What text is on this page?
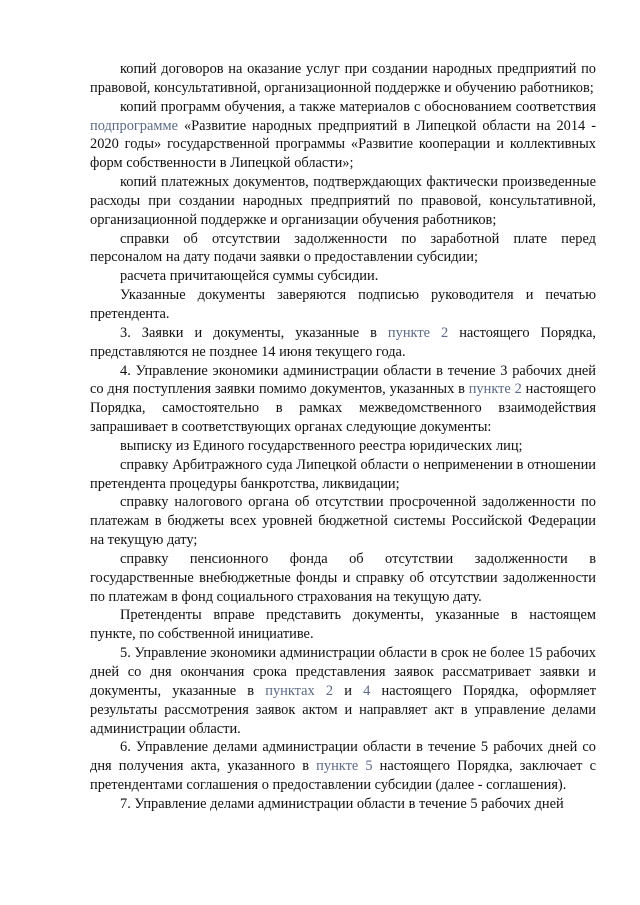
копий договоров на оказание услуг при создании народных предприятий по правовой, консультативной, организационной поддержке и обучению работников;

копий программ обучения, а также материалов с обоснованием соответствия подпрограмме «Развитие народных предприятий в Липецкой области на 2014 - 2020 годы» государственной программы «Развитие кооперации и коллективных форм собственности в Липецкой области»;

копий платежных документов, подтверждающих фактически произведенные расходы при создании народных предприятий по правовой, консультативной, организационной поддержке и организации обучения работников;

справки об отсутствии задолженности по заработной плате перед персоналом на дату подачи заявки о предоставлении субсидии;

расчета причитающейся суммы субсидии.

Указанные документы заверяются подписью руководителя и печатью претендента.

3. Заявки и документы, указанные в пункте 2 настоящего Порядка, представляются не позднее 14 июня текущего года.

4. Управление экономики администрации области в течение 3 рабочих дней со дня поступления заявки помимо документов, указанных в пункте 2 настоящего Порядка, самостоятельно в рамках межведомственного взаимодействия запрашивает в соответствующих органах следующие документы:

выписку из Единого государственного реестра юридических лиц;

справку Арбитражного суда Липецкой области о неприменении в отношении претендента процедуры банкротства, ликвидации;

справку налогового органа об отсутствии просроченной задолженности по платежам в бюджеты всех уровней бюджетной системы Российской Федерации на текущую дату;

справку пенсионного фонда об отсутствии задолженности в государственные внебюджетные фонды и справку об отсутствии задолженности по платежам в фонд социального страхования на текущую дату.

Претенденты вправе представить документы, указанные в настоящем пункте, по собственной инициативе.

5. Управление экономики администрации области в срок не более 15 рабочих дней со дня окончания срока представления заявок рассматривает заявки и документы, указанные в пунктах 2 и 4 настоящего Порядка, оформляет результаты рассмотрения заявок актом и направляет акт в управление делами администрации области.

6. Управление делами администрации области в течение 5 рабочих дней со дня получения акта, указанного в пункте 5 настоящего Порядка, заключает с претендентами соглашения о предоставлении субсидии (далее - соглашения).

7. Управление делами администрации области в течение 5 рабочих дней
